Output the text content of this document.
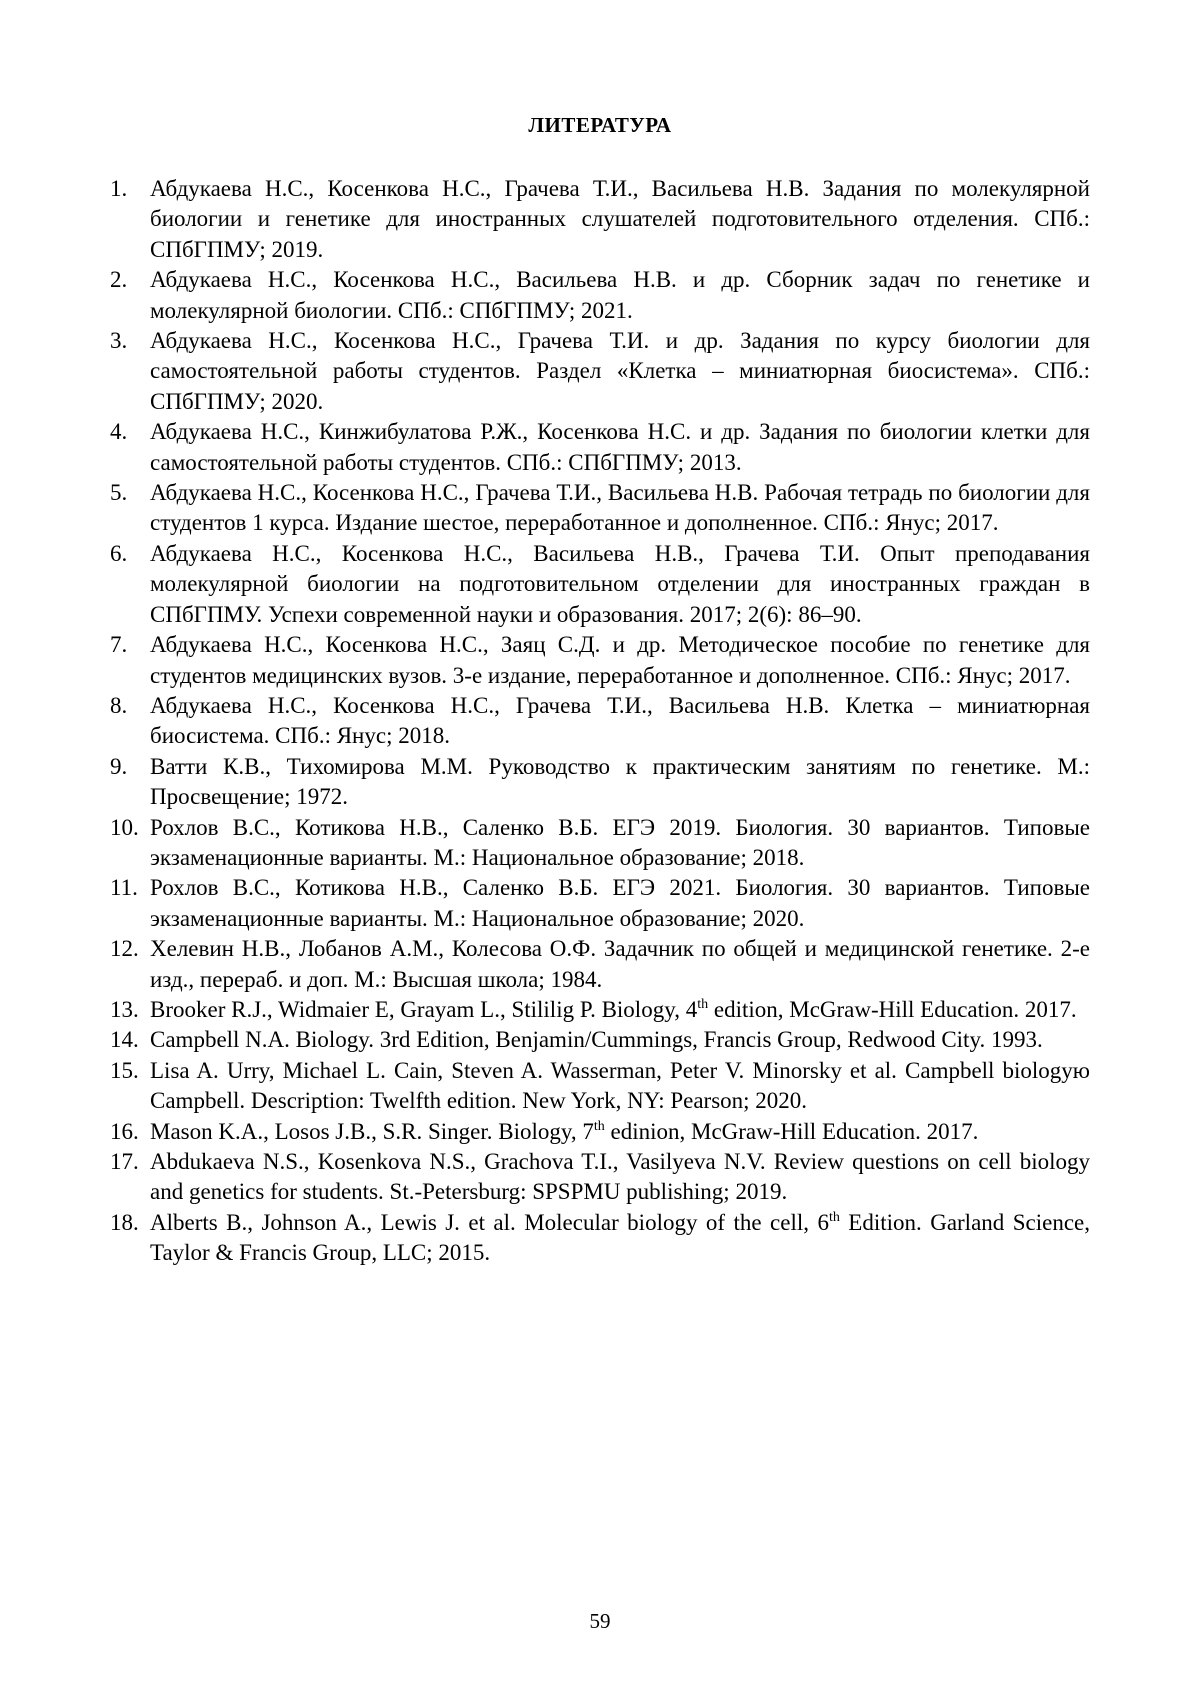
ЛИТЕРАТУРА
1. Абдукаева Н.С., Косенкова Н.С., Грачева Т.И., Васильева Н.В. Задания по молекулярной биологии и генетике для иностранных слушателей подготовительного отделения. СПб.: СПбГПМУ; 2019.
2. Абдукаева Н.С., Косенкова Н.С., Васильева Н.В. и др. Сборник задач по генетике и молекулярной биологии. СПб.: СПбГПМУ; 2021.
3. Абдукаева Н.С., Косенкова Н.С., Грачева Т.И. и др. Задания по курсу биологии для самостоятельной работы студентов. Раздел «Клетка – миниатюрная биосистема». СПб.: СПбГПМУ; 2020.
4. Абдукаева Н.С., Кинжибулатова Р.Ж., Косенкова Н.С. и др. Задания по биологии клетки для самостоятельной работы студентов. СПб.: СПбГПМУ; 2013.
5. Абдукаева Н.С., Косенкова Н.С., Грачева Т.И., Васильева Н.В. Рабочая тетрадь по биологии для студентов 1 курса. Издание шестое, переработанное и дополненное. СПб.: Янус; 2017.
6. Абдукаева Н.С., Косенкова Н.С., Васильева Н.В., Грачева Т.И. Опыт преподавания молекулярной биологии на подготовительном отделении для иностранных граждан в СПбГПМУ. Успехи современной науки и образования. 2017; 2(6): 86–90.
7. Абдукаева Н.С., Косенкова Н.С., Заяц С.Д. и др. Методическое пособие по генетике для студентов медицинских вузов. 3-е издание, переработанное и дополненное. СПб.: Янус; 2017.
8. Абдукаева Н.С., Косенкова Н.С., Грачева Т.И., Васильева Н.В. Клетка – миниатюрная биосистема. СПб.: Янус; 2018.
9. Ватти К.В., Тихомирова М.М. Руководство к практическим занятиям по генетике. М.: Просвещение; 1972.
10. Рохлов В.С., Котикова Н.В., Саленко В.Б. ЕГЭ 2019. Биология. 30 вариантов. Типовые экзаменационные варианты. М.: Национальное образование; 2018.
11. Рохлов В.С., Котикова Н.В., Саленко В.Б. ЕГЭ 2021. Биология. 30 вариантов. Типовые экзаменационные варианты. М.: Национальное образование; 2020.
12. Хелевин Н.В., Лобанов А.М., Колесова О.Ф. Задачник по общей и медицинской генетике. 2-е изд., перераб. и доп. М.: Высшая школа; 1984.
13. Brooker R.J., Widmaier E, Grayam L., Stililig P. Biology, 4th edition, McGraw-Hill Education. 2017.
14. Campbell N.A. Biology. 3rd Edition, Benjamin/Cummings, Francis Group, Redwood City. 1993.
15. Lisa A. Urry, Michael L. Cain, Steven A. Wasserman, Peter V. Minorsky et al. Campbell biologyю Campbell. Description: Twelfth edition. New York, NY: Pearson; 2020.
16. Mason K.A., Losos J.B., S.R. Singer. Biology, 7th edinion, McGraw-Hill Education. 2017.
17. Abdukaeva N.S., Kosenkova N.S., Grachova T.I., Vasilyeva N.V. Review questions on cell biology and genetics for students. St.-Petersburg: SPSPMU publishing; 2019.
18. Alberts B., Johnson A., Lewis J. et al. Molecular biology of the cell, 6th Edition. Garland Science, Taylor & Francis Group, LLC; 2015.
59
